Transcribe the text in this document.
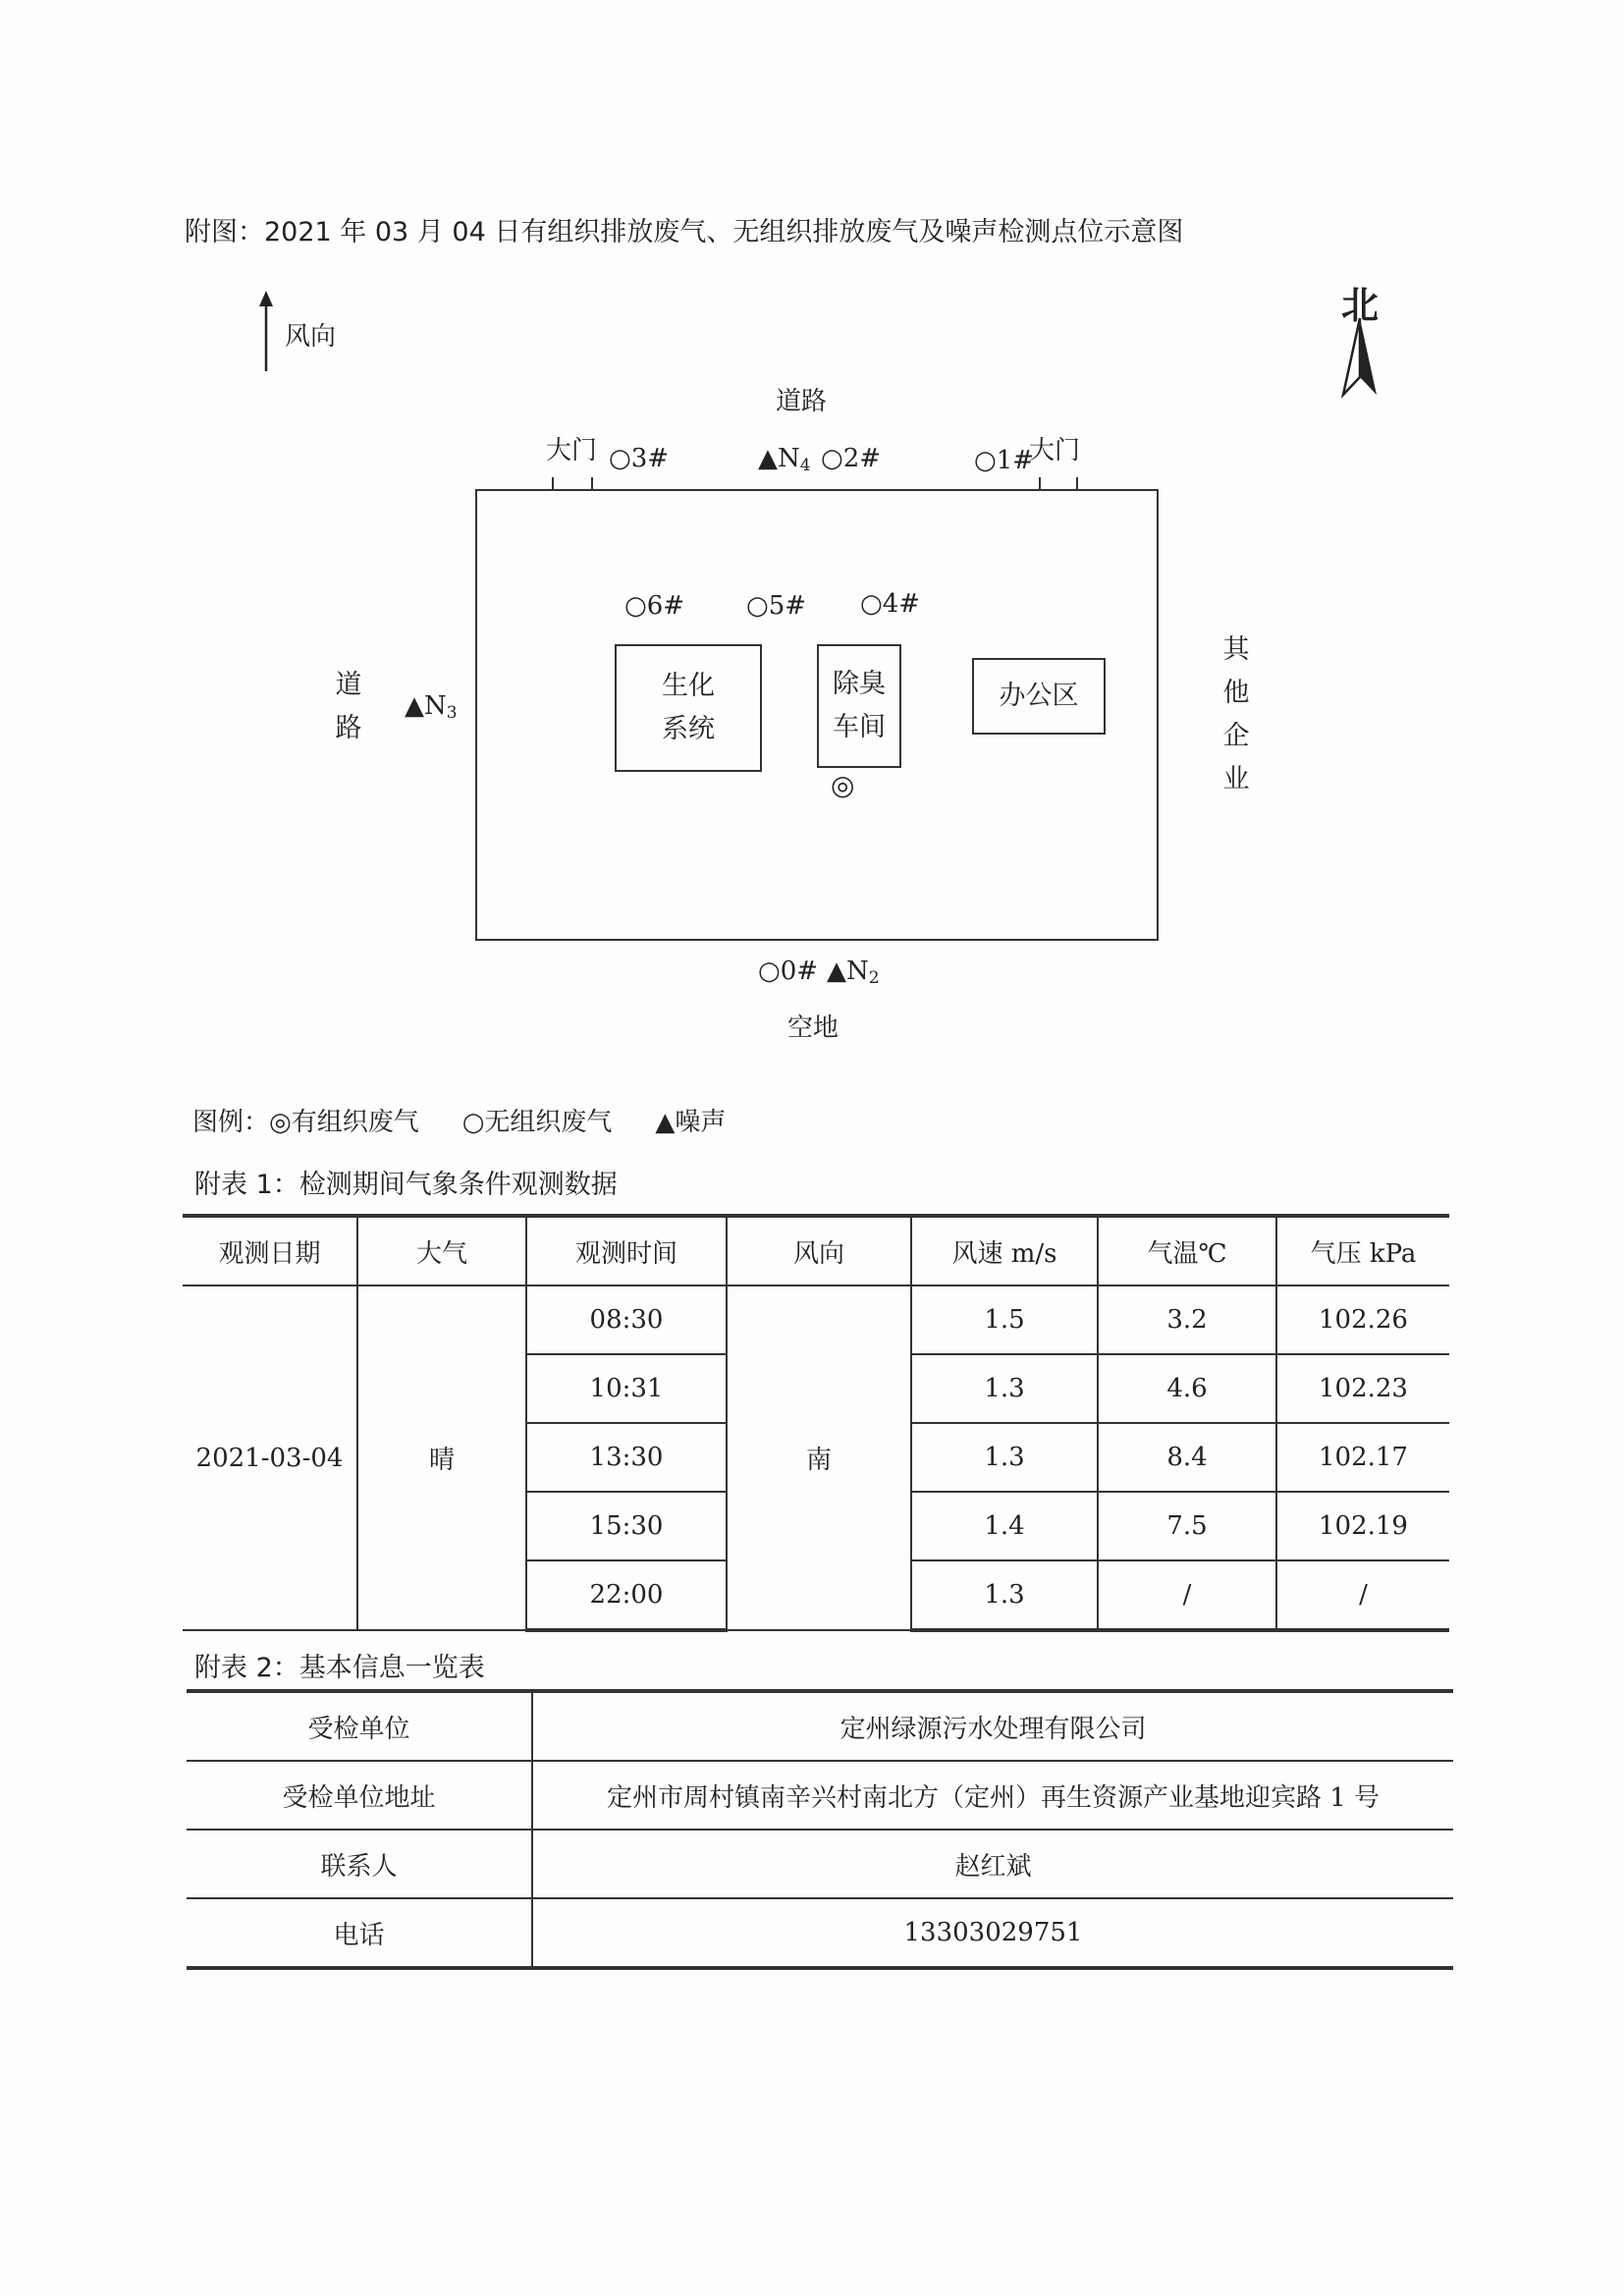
附图：2021 年 03 月 04 日有组织排放废气、无组织排放废气及噪声检测点位示意图
风向
北
道路
大门 ○3#	$▲N_4$ ○2#	○1#
大门
○6# ○5# ○4#
生化
系统
除臭
车间
办公区
◎
道
路
$▲N_3$
其
他
企
业
○0# $▲N_2$
空地
图例：◎有组织废气 ○无组织废气 ▲噪声
附表 1：检测期间气象条件观测数据
观测日期	大气	观测时间	风向	风速 m/s	气温℃	气压 kPa
2021-03-04	晴	08:30	南	1.5	3.2	102.26
		10:31		1.3	4.6	102.23
		13:30		1.3	8.4	102.17
		15:30		1.4	7.5	102.19
		22:00		1.3	/	/
附表 2：基本信息一览表
受检单位	定州绿源污水处理有限公司
受检单位地址	定州市周村镇南辛兴村南北方（定州）再生资源产业基地迎宾路 1 号
联系人	赵红斌
电话	13303029751
